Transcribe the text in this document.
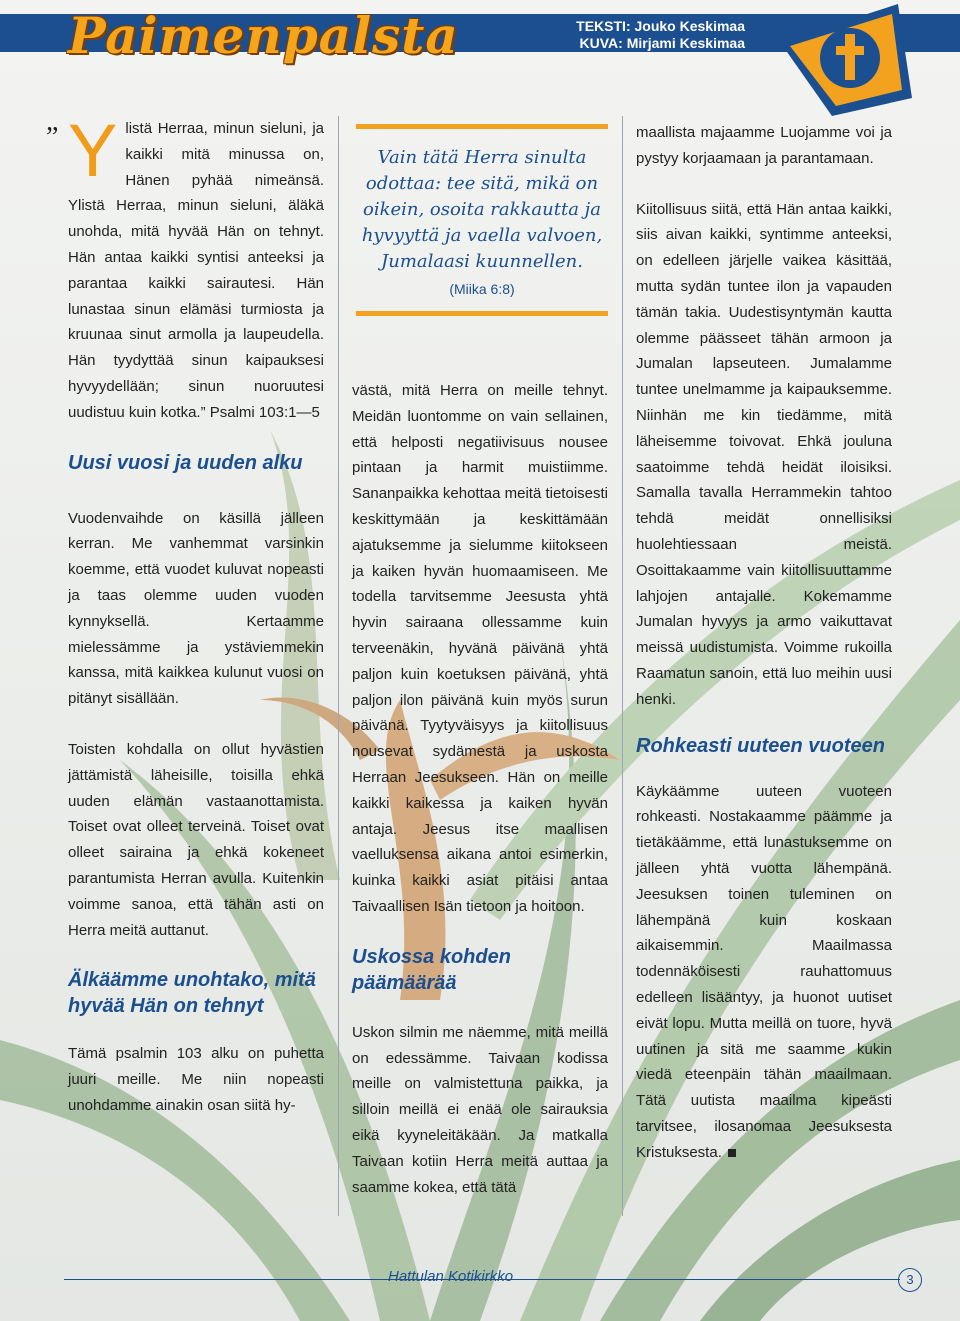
Paimenpalsta	TEKSTI: Jouko Keskimaa
KUVA: Mirjami Keskimaa
” Ylistä Herraa, minun sieluni, ja kaikki mitä minussa on, Hänen pyhää nimeänsä. Ylistä Herraa, minun sieluni, äläkä unohda, mitä hyvää Hän on tehnyt. Hän antaa kaikki syntisi anteeksi ja parantaa kaikki sairautesi. Hän lunastaa sinun elämäsi turmiosta ja kruunaa sinut armolla ja laupeudella. Hän tyydyttää sinun kaipauksesi hyvyydellään; sinun nuoruutesi uudistuu kuin kotka.” Psalmi 103:1—5

Uusi vuosi ja uuden alku

Vuodenvaihde on käsillä jälleen kerran. Me vanhemmat varsinkin koemme, että vuodet kuluvat nopeasti ja taas olemme uuden vuoden kynnyksellä. Kertaamme mielessämme ja ystäviemmekin kanssa, mitä kaikkea kulunut vuosi on pitänyt sisällään.

Toisten kohdalla on ollut hyvästien jättämistä läheisille, toisilla ehkä uuden elämän vastaanottamista. Toiset ovat olleet terveinä. Toiset ovat olleet sairaina ja ehkä kokeneet parantumista Herran avulla. Kuitenkin voimme sanoa, että tähän asti on Herra meitä auttanut.

Älkäämme unohtako, mitä hyvää Hän on tehnyt

Tämä psalmin 103 alku on puhetta juuri meille. Me niin nopeasti unohdamme ainakin osan siitä hy-

Vain tätä Herra sinulta odottaa: tee sitä, mikä on oikein, osoita rakkautta ja hyvyyttä ja vaella valvoen, Jumalaasi kuunnellen.
(Miika 6:8)

västä, mitä Herra on meille tehnyt. Meidän luontomme on vain sellainen, että helposti negatiivisuus nousee pintaan ja harmit muistiimme. Sananpaikka kehottaa meitä tietoisesti keskittymään ja keskittämään ajatuksemme ja sielumme kiitokseen ja kaiken hyvän huomaamiseen. Me todella tarvitsemme Jeesusta yhtä hyvin sairaana ollessamme kuin terveenäkin, hyvänä päivänä yhtä paljon kuin koetuksen päivänä, yhtä paljon ilon päivänä kuin myös surun päivänä. Tyytyväisyys ja kiitollisuus nousevat sydämestä ja uskosta Herraan Jeesukseen. Hän on meille kaikki kaikessa ja kaiken hyvän antaja. Jeesus itse maallisen vaelluksensa aikana antoi esimerkin, kuinka kaikki asiat pitäisi antaa Taivaallisen Isän tietoon ja hoitoon.

Uskossa kohden päämäärää

Uskon silmin me näemme, mitä meillä on edessämme. Taivaan kodissa meille on valmistettuna paikka, ja silloin meillä ei enää ole sairauksia eikä kyyneleitäkään. Ja matkalla Taivaan kotiin Herra meitä auttaa ja saamme kokea, että tätä

maallista majaamme Luojamme voi ja pystyy korjaamaan ja parantamaan.

Kiitollisuus siitä, että Hän antaa kaikki, siis aivan kaikki, syntimme anteeksi, on edelleen järjelle vaikea käsittää, mutta sydän tuntee ilon ja vapauden tämän takia. Uudestisyntymän kautta olemme päässeet tähän armoon ja Jumalan lapseuteen. Jumalamme tuntee unelmamme ja kaipauksemme. Niinhän me kin tiedämme, mitä läheisemme toivovat. Ehkä jouluna saatoimme tehdä heidät iloisiksi. Samalla tavalla Herrammekin tahtoo tehdä meidät onnellisiksi huolehtiessaan meistä. Osoittakaamme vain kiitollisuuttamme lahjojen antajalle. Kokemamme Jumalan hyvyys ja armo vaikuttavat meissä uudistumista. Voimme rukoilla Raamatun sanoin, että luo meihin uusi henki.

Rohkeasti uuteen vuoteen

Käykäämme uuteen vuoteen rohkeasti. Nostakaamme päämme ja tietäkäämme, että lunastuksemme on jälleen yhtä vuotta lähempänä. Jeesuksen toinen tuleminen on lähempänä kuin koskaan aikaisemmin. Maailmassa todennäköisesti rauhattomuus edelleen lisääntyy, ja huonot uutiset eivät lopu. Mutta meillä on tuore, hyvä uutinen ja sitä me saamme kukin viedä eteenpäin tähän maailmaan. Tätä uutista maailma kipeästi tarvitsee, ilosanomaa Jeesuksesta Kristuksesta.

Hattulan Kotikirkko	3
